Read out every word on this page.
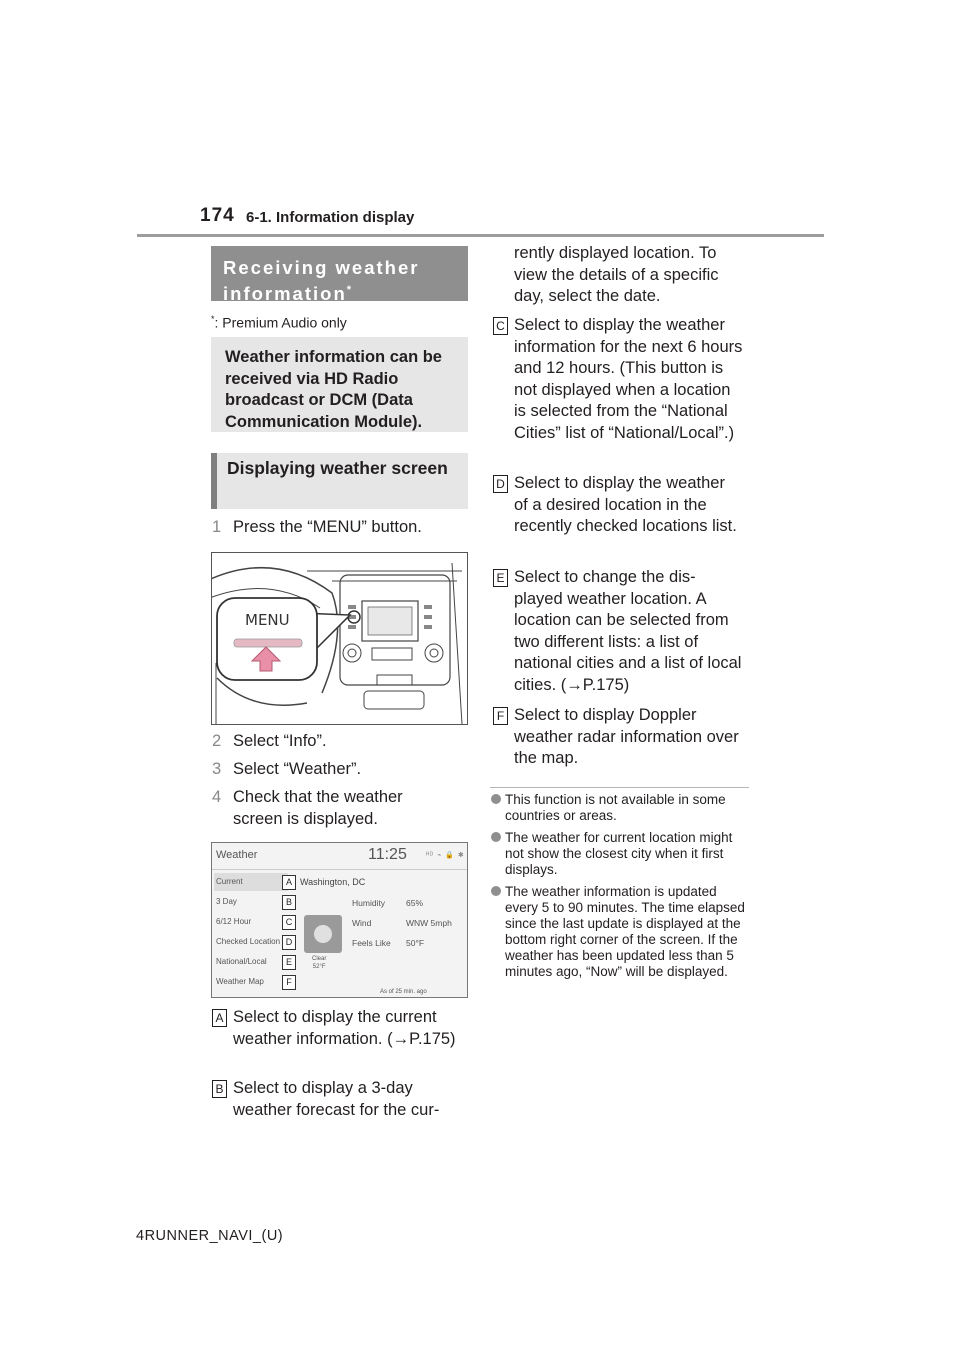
174 6-1. Information display
Receiving weather information*
*: Premium Audio only
Weather information can be received via HD Radio broadcast or DCM (Data Communication Module).
Displaying weather screen
1 Press the “MENU” button.
MENU
2 Select “Info”.
3 Select “Weather”.
4 Check that the weather screen is displayed.
Weather	11:25	ᴴᴰ ⌁ 🔒 ✱
Current
3 Day
6/12 Hour
Checked Location
National/Local
Weather Map
A
B
C
D
E
F
Washington, DC
Humidity 65%
Wind	WNW 5mph
Feels Like 50°F
Clear
52°F
As of 25 min. ago
A Select to display the current weather information. (→P.175)
B Select to display a 3-day weather forecast for the cur-
rently displayed location. To view the details of a specific day, select the date.
C Select to display the weather information for the next 6 hours and 12 hours. (This button is not displayed when a location is selected from the “National Cities” list of “National/Local”.)
D Select to display the weather of a desired location in the recently checked locations list.
E Select to change the dis-played weather location. A location can be selected from two different lists: a list of national cities and a list of local cities. (→P.175)
F Select to display Doppler weather radar information over the map.
This function is not available in some countries or areas.
The weather for current location might not show the closest city when it first displays.
The weather information is updated every 5 to 90 minutes. The time elapsed since the last update is displayed at the bottom right corner of the screen. If the weather has been updated less than 5 minutes ago, “Now” will be displayed.
4RUNNER_NAVI_(U)
